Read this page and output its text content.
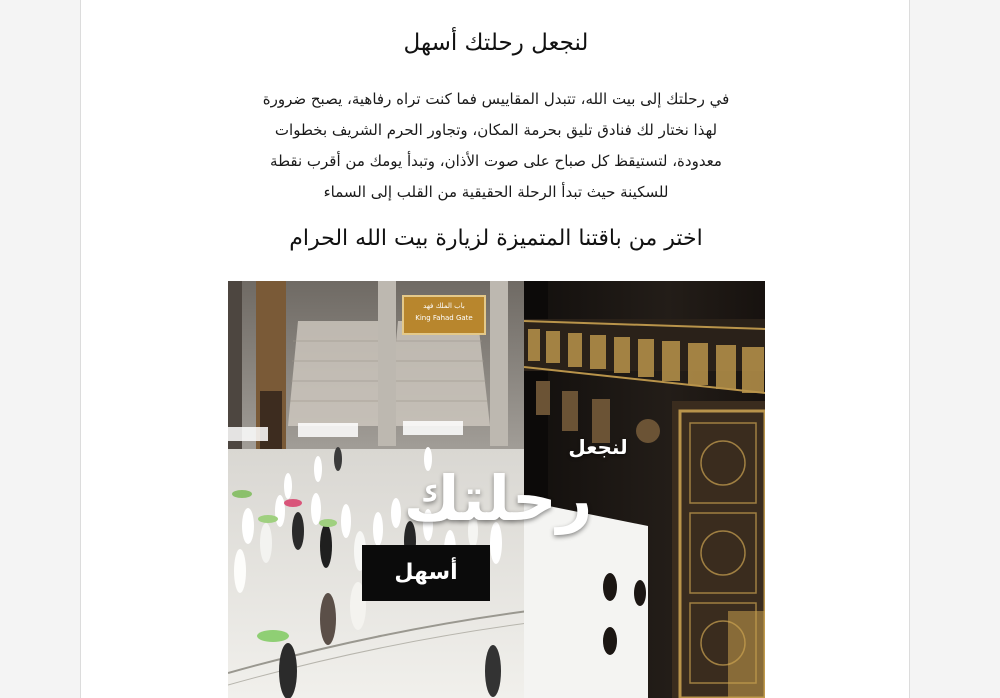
لنجعل رحلتك أسهل
في رحلتك إلى بيت الله، تتبدل المقاييس فما كنت تراه رفاهية، يصبح ضرورة
لهذا نختار لك فنادق تليق بحرمة المكان، وتجاور الحرم الشريف بخطوات
معدودة، لتستيقظ كل صباح على صوت الأذان، وتبدأ يومك من أقرب نقطة
للسكينة حيث تبدأ الرحلة الحقيقية من القلب إلى السماء
اختر من باقتنا المتميزة لزيارة بيت الله الحرام
باب الملك فهد
King Fahad Gate
لنجعل
رحلتك
أسهل
